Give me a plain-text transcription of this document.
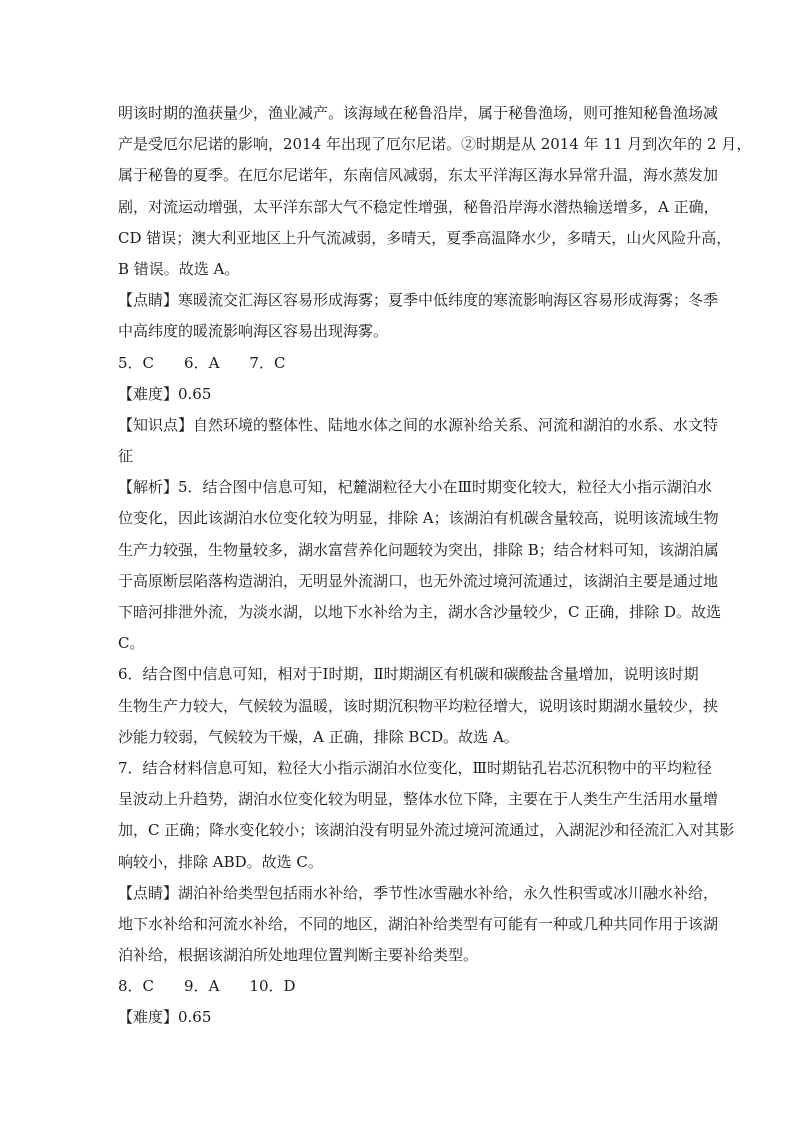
明该时期的渔获量少，渔业减产。该海域在秘鲁沿岸，属于秘鲁渔场，则可推知秘鲁渔场减
产是受厄尔尼诺的影响，2014 年出现了厄尔尼诺。②时期是从 2014 年 11 月到次年的 2 月，
属于秘鲁的夏季。在厄尔尼诺年，东南信风减弱，东太平洋海区海水异常升温，海水蒸发加
剧，对流运动增强，太平洋东部大气不稳定性增强，秘鲁沿岸海水潜热输送增多，A 正确，
CD 错误；澳大利亚地区上升气流减弱，多晴天，夏季高温降水少，多晴天，山火风险升高，
B 错误。故选 A。
【点睛】寒暖流交汇海区容易形成海雾；夏季中低纬度的寒流影响海区容易形成海雾；冬季
中高纬度的暖流影响海区容易出现海雾。
5．C　　6．A　　7．C
【难度】0.65
【知识点】自然环境的整体性、陆地水体之间的水源补给关系、河流和湖泊的水系、水文特
征
【解析】5．结合图中信息可知，杞麓湖粒径大小在Ⅲ时期变化较大，粒径大小指示湖泊水
位变化，因此该湖泊水位变化较为明显，排除 A；该湖泊有机碳含量较高，说明该流域生物
生产力较强，生物量较多，湖水富营养化问题较为突出，排除 B；结合材料可知，该湖泊属
于高原断层陷落构造湖泊，无明显外流湖口，也无外流过境河流通过，该湖泊主要是通过地
下暗河排泄外流，为淡水湖，以地下水补给为主，湖水含沙量较少，C 正确，排除 D。故选
C。
6．结合图中信息可知，相对于Ⅰ时期，Ⅱ时期湖区有机碳和碳酸盐含量增加，说明该时期
生物生产力较大，气候较为温暖，该时期沉积物平均粒径增大，说明该时期湖水量较少，挟
沙能力较弱，气候较为干燥，A 正确，排除 BCD。故选 A。
7．结合材料信息可知，粒径大小指示湖泊水位变化，Ⅲ时期钻孔岩芯沉积物中的平均粒径
呈波动上升趋势，湖泊水位变化较为明显，整体水位下降，主要在于人类生产生活用水量增
加，C 正确；降水变化较小；该湖泊没有明显外流过境河流通过，入湖泥沙和径流汇入对其影
响较小，排除 ABD。故选 C。
【点睛】湖泊补给类型包括雨水补给，季节性冰雪融水补给，永久性积雪或冰川融水补给，
地下水补给和河流水补给，不同的地区，湖泊补给类型有可能有一种或几种共同作用于该湖
泊补给，根据该湖泊所处地理位置判断主要补给类型。
8．C　　9．A　　10．D
【难度】0.65
